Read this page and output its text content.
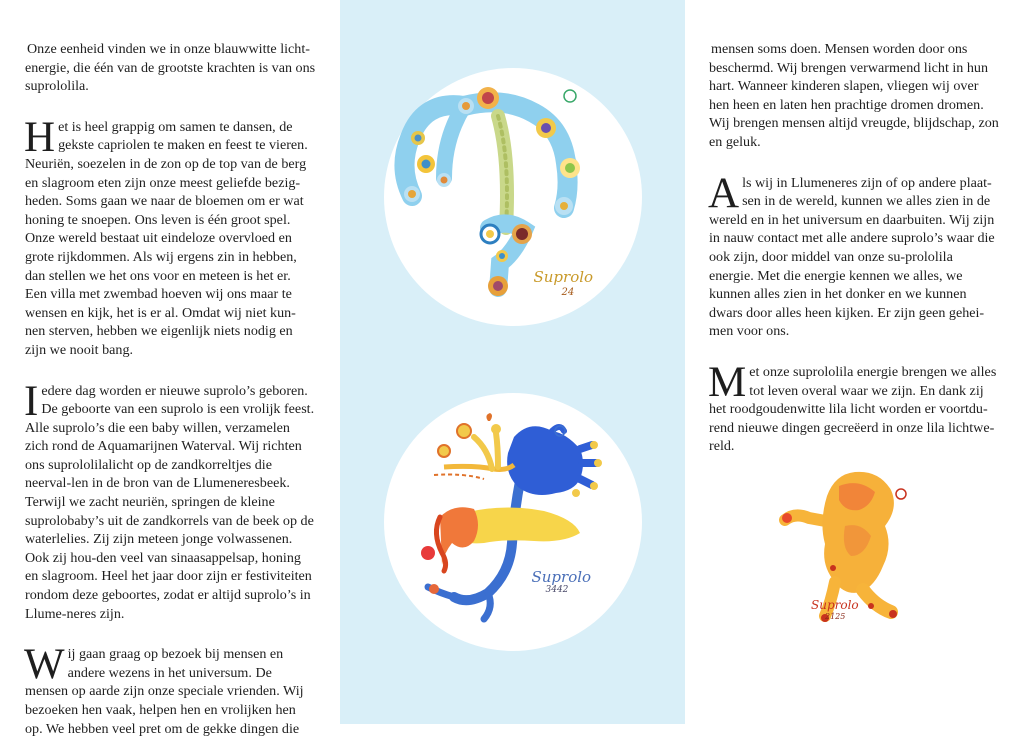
Onze eenheid vinden we in onze blauwwitte licht-energie, die één van de grootste krachten is van ons suprololila.

Het is heel grappig om samen te dansen, de gekste capriolen te maken en feest te vieren. Neuriën, soezelen in de zon op de top van de berg en slagroom eten zijn onze meest geliefde bezig-heden. Soms gaan we naar de bloemen om er wat honing te snoepen. Ons leven is één groot spel. Onze wereld bestaat uit eindeloze overvloed en grote rijkdommen. Als wij ergens zin in hebben, dan stellen we het ons voor en meteen is het er. Een villa met zwembad hoeven wij ons maar te wensen en kijk, het is er al. Omdat wij niet kun-nen sterven, hebben we eigenlijk niets nodig en zijn we nooit bang.

Iedere dag worden er nieuwe suprolo’s geboren. De geboorte van een suprolo is een vrolijk feest. Alle suprolo’s die een baby willen, verzamelen zich rond de Aquamarijnen Waterval. Wij richten ons suprololilalicht op de zandkorreltjes die neerval-len in de bron van de Llumeneresbeek. Terwijl we zacht neuriën, springen de kleine suprolobaby’s uit de zandkorrels van de beek op de waterlelies. Zij zijn meteen jonge volwassenen. Ook zij hou-den veel van sinaasappelsap, honing en slagroom. Heel het jaar door zijn er festiviteiten rondom deze geboortes, zodat er altijd suprolo’s in Llume-neres zijn.

Wij gaan graag op bezoek bij mensen en andere wezens in het universum. De mensen op aarde zijn onze speciale vrienden. Wij bezoeken hen vaak, helpen hen en vrolijken hen op. We hebben veel pret om de gekke dingen die

Suprolo
24
Suprolo
3442

mensen soms doen. Mensen worden door ons beschermd. Wij brengen verwarmend licht in hun hart. Wanneer kinderen slapen, vliegen wij over hen heen en laten hen prachtige dromen dromen. Wij brengen mensen altijd vreugde, blijdschap, zon en geluk.

Als wij in Llumeneres zijn of op andere plaat-sen in de wereld, kunnen we alles zien in de wereld en in het universum en daarbuiten. Wij zijn in nauw contact met alle andere suprolo’s waar die ook zijn, door middel van onze su-prololila energie. Met die energie kennen we alles, we kunnen alles zien in het donker en we kunnen dwars door alles heen kijken. Er zijn geen gehei-men voor ons.

Met onze suprololila energie brengen we alles tot leven overal waar we zijn. En dank zij het roodgoudenwitte lila licht worden er voortdu-rend nieuwe dingen gecreëerd in onze lila lichtwe-reld.

Suprolo
2125
